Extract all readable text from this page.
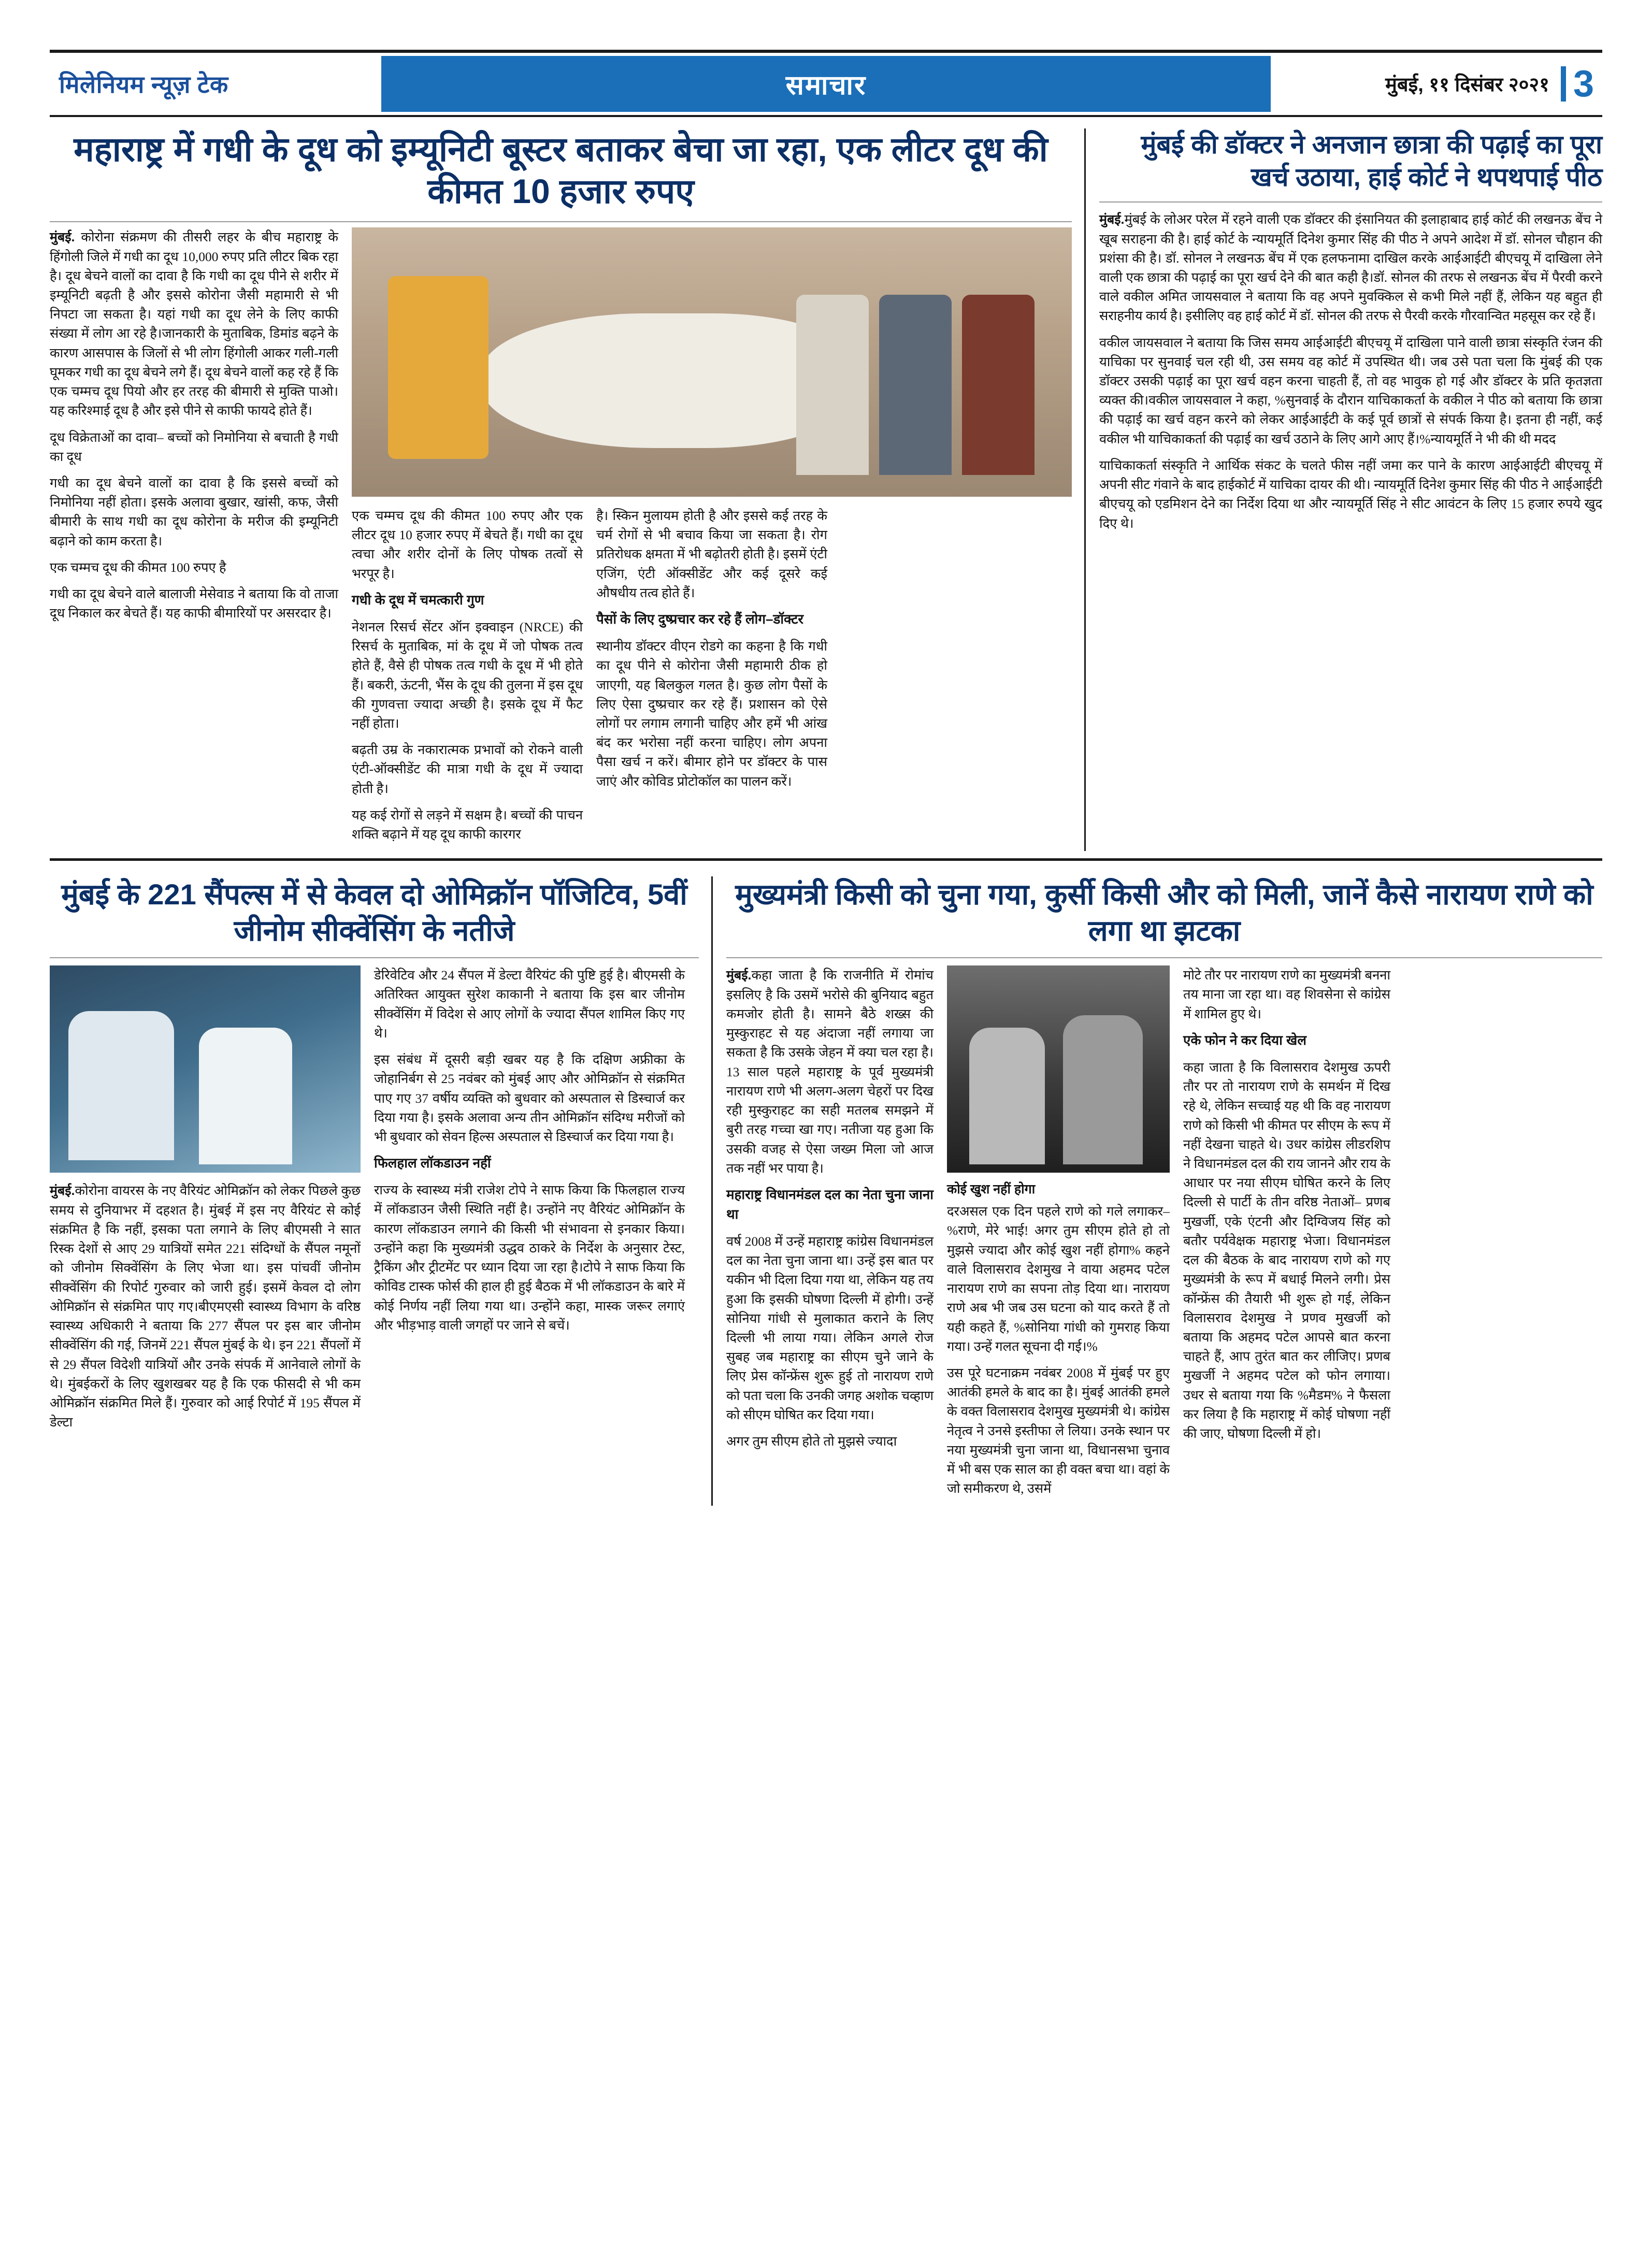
मिलेनियम न्यूज़ टेक	समाचार	मुंबई, ११ दिसंबर २०२१ 3
महाराष्ट्र में गधी के दूध को इम्यूनिटी बूस्टर बताकर बेचा जा रहा, एक लीटर दूध की कीमत 10 हजार रुपए

मुंबई. कोरोना संक्रमण की तीसरी लहर के बीच महाराष्ट्र के हिंगोली जिले में गधी का दूध 10,000 रुपए प्रति लीटर बिक रहा है। दूध बेचने वालों का दावा है कि गधी का दूध पीने से शरीर में इम्यूनिटी बढ़ती है और इससे कोरोना जैसी महामारी से भी निपटा जा सकता है। यहां गधी का दूध लेने के लिए काफी संख्या में लोग आ रहे है।जानकारी के मुताबिक, डिमांड बढ़ने के कारण आसपास के जिलों से भी लोग हिंगोली आकर गली-गली घूमकर गधी का दूध बेचने लगे हैं। दूध बेचने वालों कह रहे हैं कि एक चम्मच दूध पियो और हर तरह की बीमारी से मुक्ति पाओ। यह करिश्माई दूध है और इसे पीने से काफी फायदे होते हैं।

दूध विक्रेताओं का दावा– बच्चों को निमोनिया से बचाती है गधी का दूध

गधी का दूध बेचने वालों का दावा है कि इससे बच्चों को निमोनिया नहीं होता। इसके अलावा बुखार, खांसी, कफ, जैसी बीमारी के साथ गधी का दूध कोरोना के मरीज की इम्यूनिटी बढ़ाने को काम करता है।

एक चम्मच दूध की कीमत 100 रुपए है

गधी का दूध बेचने वाले बालाजी मेसेवाड ने बताया कि वो ताजा दूध निकाल कर बेचते हैं। यह काफी बीमारियों पर असरदार है।

एक चम्मच दूध की कीमत 100 रुपए और एक लीटर दूध 10 हजार रुपए में बेचते हैं। गधी का दूध त्वचा और शरीर दोनों के लिए पोषक तत्वों से भरपूर है।

गधी के दूध में चमत्कारी गुण

नेशनल रिसर्च सेंटर ऑन इक्वाइन (NRCE) की रिसर्च के मुताबिक, मां के दूध में जो पोषक तत्व होते हैं, वैसे ही पोषक तत्व गधी के दूध में भी होते हैं। बकरी, ऊंटनी, भैंस के दूध की तुलना में इस दूध की गुणवत्ता ज्यादा अच्छी है। इसके दूध में फैट नहीं होता।

बढ़ती उम्र के नकारात्मक प्रभावों को रोकने वाली एंटी-ऑक्सीडेंट की मात्रा गधी के दूध में ज्यादा होती है।

यह कई रोगों से लड़ने में सक्षम है। बच्चों की पाचन शक्ति बढ़ाने में यह दूध काफी कारगर

है। स्किन मुलायम होती है और इससे कई तरह के चर्म रोगों से भी बचाव किया जा सकता है। रोग प्रतिरोधक क्षमता में भी बढ़ोतरी होती है। इसमें एंटी एजिंग, एंटी ऑक्सीडेंट और कई दूसरे कई औषधीय तत्व होते हैं।

पैसों के लिए दुष्प्रचार कर रहे हैं लोग–डॉक्टर

स्थानीय डॉक्टर वीएन रोडगे का कहना है कि गधी का दूध पीने से कोरोना जैसी महामारी ठीक हो जाएगी, यह बिलकुल गलत है। कुछ लोग पैसों के लिए ऐसा दुष्प्रचार कर रहे हैं। प्रशासन को ऐसे लोगों पर लगाम लगानी चाहिए और हमें भी आंख बंद कर भरोसा नहीं करना चाहिए। लोग अपना पैसा खर्च न करें। बीमार होने पर डॉक्टर के पास जाएं और कोविड प्रोटोकॉल का पालन करें।

मुंबई की डॉक्टर ने अनजान छात्रा की पढ़ाई का पूरा खर्च उठाया, हाई कोर्ट ने थपथपाई पीठ

मुंबई.मुंबई के लोअर परेल में रहने वाली एक डॉक्टर की इंसानियत की इलाहाबाद हाई कोर्ट की लखनऊ बेंच ने खूब सराहना की है। हाई कोर्ट के न्यायमूर्ति दिनेश कुमार सिंह की पीठ ने अपने आदेश में डॉ. सोनल चौहान की प्रशंसा की है। डॉ. सोनल ने लखनऊ बेंच में एक हलफनामा दाखिल करके आईआईटी बीएचयू में दाखिला लेने वाली एक छात्रा की पढ़ाई का पूरा खर्च देने की बात कही है।डॉ. सोनल की तरफ से लखनऊ बेंच में पैरवी करने वाले वकील अमित जायसवाल ने बताया कि वह अपने मुवक्किल से कभी मिले नहीं हैं, लेकिन यह बहुत ही सराहनीय कार्य है। इसीलिए वह हाई कोर्ट में डॉ. सोनल की तरफ से पैरवी करके गौरवान्वित महसूस कर रहे हैं।

वकील जायसवाल ने बताया कि जिस समय आईआईटी बीएचयू में दाखिला पाने वाली छात्रा संस्कृति रंजन की याचिका पर सुनवाई चल रही थी, उस समय वह कोर्ट में उपस्थित थी। जब उसे पता चला कि मुंबई की एक डॉक्टर उसकी पढ़ाई का पूरा खर्च वहन करना चाहती हैं, तो वह भावुक हो गई और डॉक्टर के प्रति कृतज्ञता व्यक्त की।वकील जायसवाल ने कहा, %सुनवाई के दौरान याचिकाकर्ता के वकील ने पीठ को बताया कि छात्रा की पढ़ाई का खर्च वहन करने को लेकर आईआईटी के कई पूर्व छात्रों से संपर्क किया है। इतना ही नहीं, कई वकील भी याचिकाकर्ता की पढ़ाई का खर्च उठाने के लिए आगे आए हैं।%न्यायमूर्ति ने भी की थी मदद

याचिकाकर्ता संस्कृति ने आर्थिक संकट के चलते फीस नहीं जमा कर पाने के कारण आईआईटी बीएचयू में अपनी सीट गंवाने के बाद हाईकोर्ट में याचिका दायर की थी। न्यायमूर्ति दिनेश कुमार सिंह की पीठ ने आईआईटी बीएचयू को एडमिशन देने का निर्देश दिया था और न्यायमूर्ति सिंह ने सीट आवंटन के लिए 15 हजार रुपये खुद दिए थे।

मुंबई के 221 सैंपल्स में से केवल दो ओमिक्रॉन पॉजिटिव, 5वीं जीनोम सीक्वेंसिंग के नतीजे

मुंबई.कोरोना वायरस के नए वैरियंट ओमिक्रॉन को लेकर पिछले कुछ समय से दुनियाभर में दहशत है। मुंबई में इस नए वैरियंट से कोई संक्रमित है कि नहीं, इसका पता लगाने के लिए बीएमसी ने सात रिस्क देशों से आए 29 यात्रियों समेत 221 संदिग्धों के सैंपल नमूनों को जीनोम सिक्वेंसिंग के लिए भेजा था। इस पांचवीं जीनोम सीक्वेंसिंग की रिपोर्ट गुरुवार को जारी हुई। इसमें केवल दो लोग ओमिक्रॉन से संक्रमित पाए गए।बीएमएसी स्वास्थ्य विभाग के वरिष्ठ स्वास्थ्य अधिकारी ने बताया कि 277 सैंपल पर इस बार जीनोम सीक्वेंसिंग की गई, जिनमें 221 सैंपल मुंबई के थे। इन 221 सैंपलों में से 29 सैंपल विदेशी यात्रियों और उनके संपर्क में आनेवाले लोगों के थे। मुंबईकरों के लिए खुशखबर यह है कि एक फीसदी से भी कम ओमिक्रॉन संक्रमित मिले हैं। गुरुवार को आई रिपोर्ट में 195 सैंपल में डेल्टा

डेरिवेटिव और 24 सैंपल में डेल्टा वैरियंट की पुष्टि हुई है। बीएमसी के अतिरिक्त आयुक्त सुरेश काकानी ने बताया कि इस बार जीनोम सीक्वेंसिंग में विदेश से आए लोगों के ज्यादा सैंपल शामिल किए गए थे।

इस संबंध में दूसरी बड़ी खबर यह है कि दक्षिण अफ्रीका के जोहानिर्बग से 25 नवंबर को मुंबई आए और ओमिक्रॉन से संक्रमित पाए गए 37 वर्षीय व्यक्ति को बुधवार को अस्पताल से डिस्चार्ज कर दिया गया है। इसके अलावा अन्य तीन ओमिक्रॉन संदिग्ध मरीजों को भी बुधवार को सेवन हिल्स अस्पताल से डिस्चार्ज कर दिया गया है।

फिलहाल लॉकडाउन नहीं

राज्य के स्वास्थ्य मंत्री राजेश टोपे ने साफ किया कि फिलहाल राज्य में लॉकडाउन जैसी स्थिति नहीं है। उन्होंने नए वैरियंट ओमिक्रॉन के कारण लॉकडाउन लगाने की किसी भी संभावना से इनकार किया। उन्होंने कहा कि मुख्यमंत्री उद्धव ठाकरे के निर्देश के अनुसार टेस्ट, ट्रैकिंग और ट्रीटमेंट पर ध्यान दिया जा रहा है।टोपे ने साफ किया कि कोविड टास्क फोर्स की हाल ही हुई बैठक में भी लॉकडाउन के बारे में कोई निर्णय नहीं लिया गया था। उन्होंने कहा, मास्क जरूर लगाएं और भीड़भाड़ वाली जगहों पर जाने से बचें।

मुख्यमंत्री किसी को चुना गया, कुर्सी किसी और को मिली, जानें कैसे नारायण राणे को लगा था झटका

मुंबई.कहा जाता है कि राजनीति में रोमांच इसलिए है कि उसमें भरोसे की बुनियाद बहुत कमजोर होती है। सामने बैठे शख्स की मुस्कुराहट से यह अंदाजा नहीं लगाया जा सकता है कि उसके जेहन में क्या चल रहा है। 13 साल पहले महाराष्ट्र के पूर्व मुख्यमंत्री नारायण राणे भी अलग-अलग चेहरों पर दिख रही मुस्कुराहट का सही मतलब समझने में बुरी तरह गच्चा खा गए। नतीजा यह हुआ कि उसकी वजह से ऐसा जख्म मिला जो आज तक नहीं भर पाया है।

महाराष्ट्र विधानमंडल दल का नेता चुना जाना था

वर्ष 2008 में उन्हें महाराष्ट्र कांग्रेस विधानमंडल दल का नेता चुना जाना था। उन्हें इस बात पर यकीन भी दिला दिया गया था, लेकिन यह तय हुआ कि इसकी घोषणा दिल्ली में होगी। उन्हें सोनिया गांधी से मुलाकात कराने के लिए दिल्ली भी लाया गया। लेकिन अगले रोज सुबह जब महाराष्ट्र का सीएम चुने जाने के लिए प्रेस कॉन्फ्रेंस शुरू हुई तो नारायण राणे को पता चला कि उनकी जगह अशोक चव्हाण को सीएम घोषित कर दिया गया।

अगर तुम सीएम होते तो मुझसे ज्यादा

कोई खुश नहीं होगा

दरअसल एक दिन पहले राणे को गले लगाकर– %राणे, मेरे भाई! अगर तुम सीएम होते हो तो मुझसे ज्यादा और कोई खुश नहीं होगा% कहने वाले विलासराव देशमुख ने वाया अहमद पटेल नारायण राणे का सपना तोड़ दिया था। नारायण राणे अब भी जब उस घटना को याद करते हैं तो यही कहते हैं, %सोनिया गांधी को गुमराह किया गया। उन्हें गलत सूचना दी गई।%

उस पूरे घटनाक्रम नवंबर 2008 में मुंबई पर हुए आतंकी हमले के बाद का है। मुंबई आतंकी हमले के वक्त विलासराव देशमुख मुख्यमंत्री थे। कांग्रेस नेतृत्व ने उनसे इस्तीफा ले लिया। उनके स्थान पर नया मुख्यमंत्री चुना जाना था, विधानसभा चुनाव में भी बस एक साल का ही वक्त बचा था। वहां के जो समीकरण थे, उसमें

मोटे तौर पर नारायण राणे का मुख्यमंत्री बनना तय माना जा रहा था। वह शिवसेना से कांग्रेस में शामिल हुए थे।

एके फोन ने कर दिया खेल

कहा जाता है कि विलासराव देशमुख ऊपरी तौर पर तो नारायण राणे के समर्थन में दिख रहे थे, लेकिन सच्चाई यह थी कि वह नारायण राणे को किसी भी कीमत पर सीएम के रूप में नहीं देखना चाहते थे। उधर कांग्रेस लीडरशिप ने विधानमंडल दल की राय जानने और राय के आधार पर नया सीएम घोषित करने के लिए दिल्ली से पार्टी के तीन वरिष्ठ नेताओं– प्रणब मुखर्जी, एके एंटनी और दिग्विजय सिंह को बतौर पर्यवेक्षक महाराष्ट्र भेजा। विधानमंडल दल की बैठक के बाद नारायण राणे को गए मुख्यमंत्री के रूप में बधाई मिलने लगी। प्रेस कॉन्फ्रेंस की तैयारी भी शुरू हो गई, लेकिन विलासराव देशमुख ने प्रणव मुखर्जी को बताया कि अहमद पटेल आपसे बात करना चाहते हैं, आप तुरंत बात कर लीजिए। प्रणब मुखर्जी ने अहमद पटेल को फोन लगाया। उधर से बताया गया कि %मैडम% ने फैसला कर लिया है कि महाराष्ट्र में कोई घोषणा नहीं की जाए, घोषणा दिल्ली में हो।
